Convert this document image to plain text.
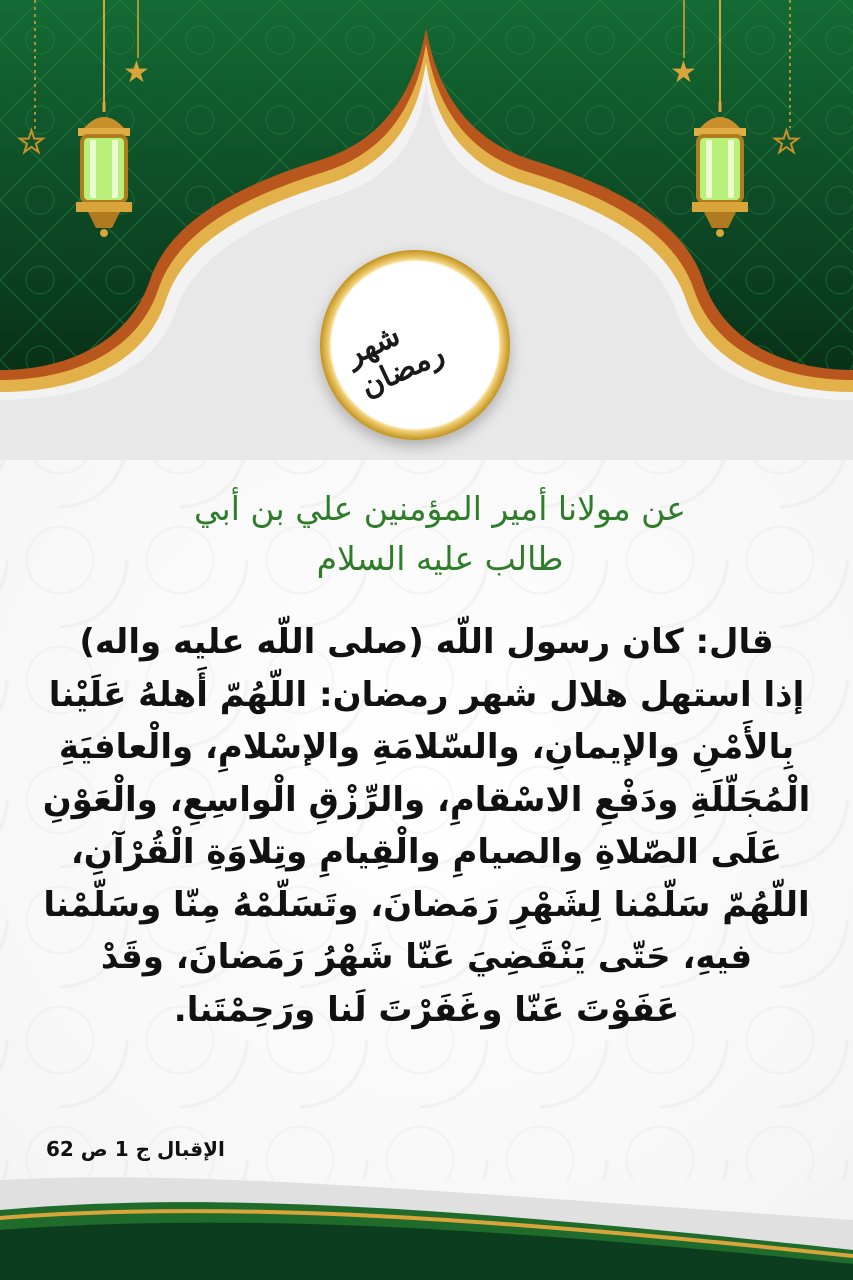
★
★
★
★
شهر رمضان
عن مولانا أمير المؤمنين علي بن أبي
طالب عليه السلام
قال: كان رسول اللّه (صلى اللّه عليه واله)
إذا استهل هلال شهر رمضان: اللّهُمّ أَهلهُ عَلَيْنا
بِالأَمْنِ والإيمانِ، والسّلامَةِ والإسْلامِ، والْعافيَةِ
الْمُجَلّلَةِ ودَفْعِ الاسْقامِ، والرِّزْقِ الْواسِعِ، والْعَوْنِ
عَلَى الصّلاةِ والصيامِ والْقِيامِ وتِلاوَةِ الْقُرْآنِ،
اللّهُمّ سَلّمْنا لِشَهْرِ رَمَضانَ، وتَسَلّمْهُ مِنّا وسَلّمْنا
فيهِ، حَتّى يَنْقَضِيَ عَنّا شَهْرُ رَمَضانَ، وقَدْ
عَفَوْتَ عَنّا وغَفَرْتَ لَنا ورَحِمْتَنا.
الإقبال ج 1 ص 62
